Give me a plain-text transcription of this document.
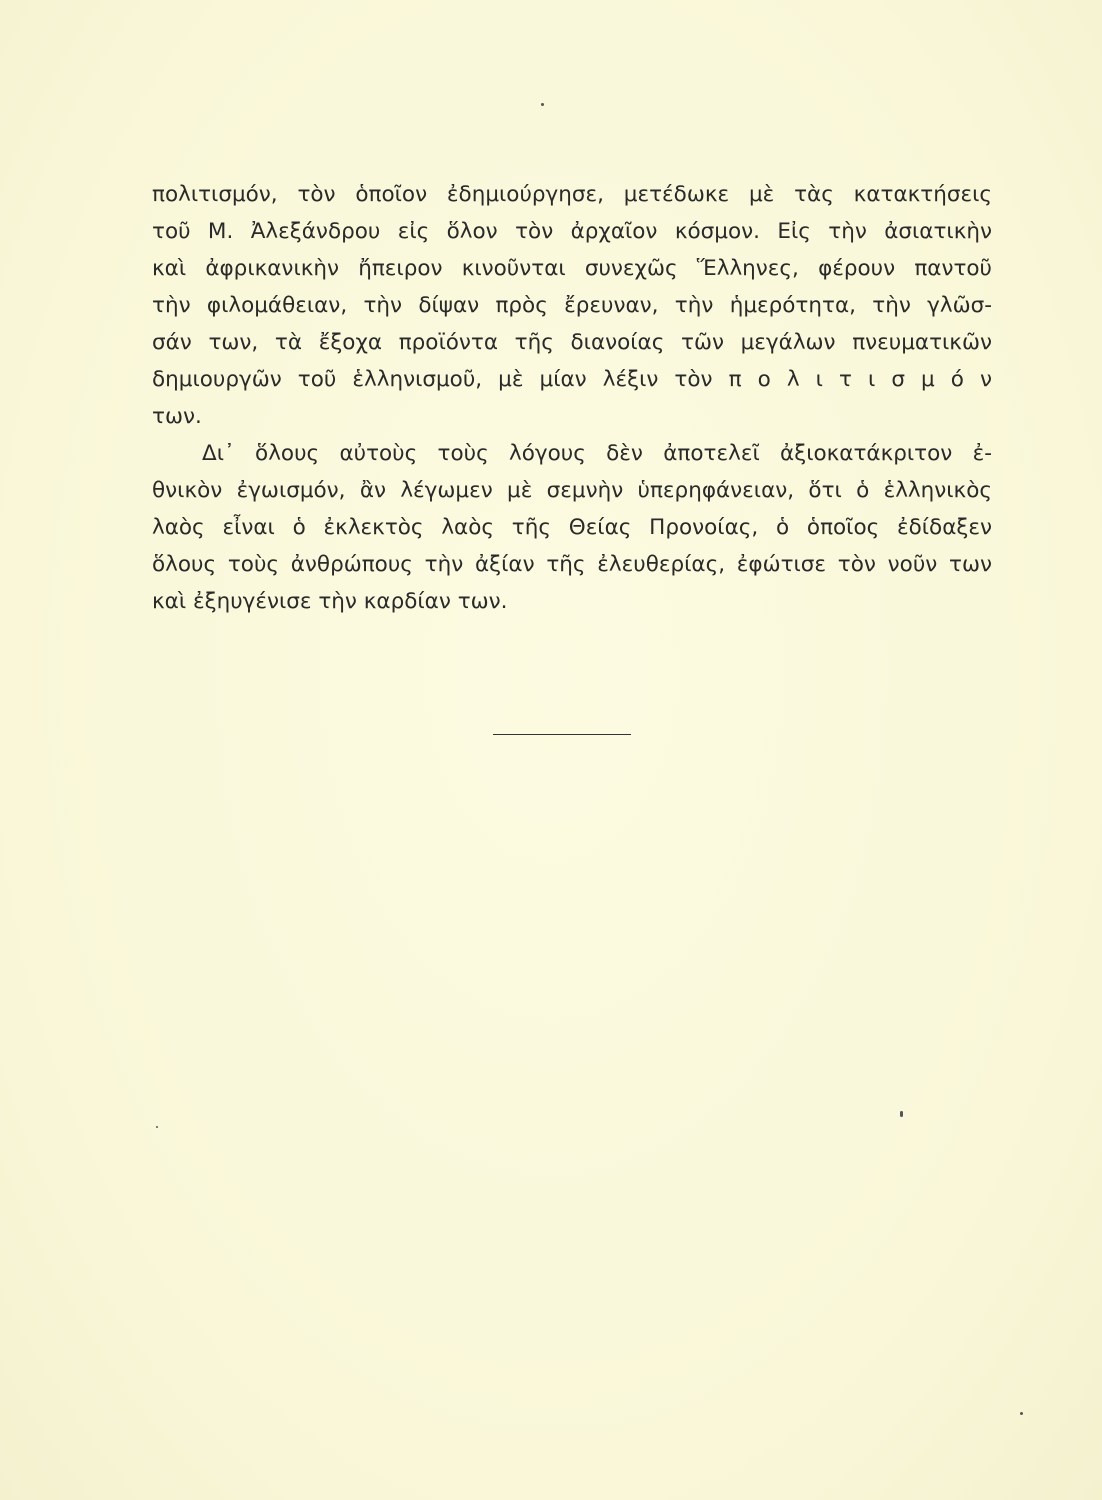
πολιτισμόν, τὸν ὁποῖον ἐδημιούργησε, μετέδωκε μὲ τὰς κατακτήσεις
τοῦ Μ. Ἀλεξάνδρου εἰς ὅλον τὸν ἀρχαῖον κόσμον. Εἰς τὴν ἀσιατικὴν
καὶ ἀφρικανικὴν ἤπειρον κινοῦνται συνεχῶς Ἕλληνες, φέρουν παντοῦ
τὴν φιλομάθειαν, τὴν δίψαν πρὸς ἔρευναν, τὴν ἡμερότητα, τὴν γλῶσ-
σάν των, τὰ ἔξοχα προϊόντα τῆς διανοίας τῶν μεγάλων πνευματικῶν
δημιουργῶν τοῦ ἑλληνισμοῦ, μὲ μίαν λέξιν τὸν π ο λ ι τ ι σ μ ό ν
των.
Δι᾽ ὅλους αὐτοὺς τοὺς λόγους δὲν ἀποτελεῖ ἀξιοκατάκριτον ἐ-
θνικὸν ἐγωισμόν, ἂν λέγωμεν μὲ σεμνὴν ὑπερηφάνειαν, ὅτι ὁ ἑλληνικὸς
λαὸς εἶναι ὁ ἐκλεκτὸς λαὸς τῆς Θείας Προνοίας, ὁ ὁποῖος ἐδίδαξεν
ὅλους τοὺς ἀνθρώπους τὴν ἀξίαν τῆς ἐλευθερίας, ἐφώτισε τὸν νοῦν των
καὶ ἐξηυγένισε τὴν καρδίαν των.
